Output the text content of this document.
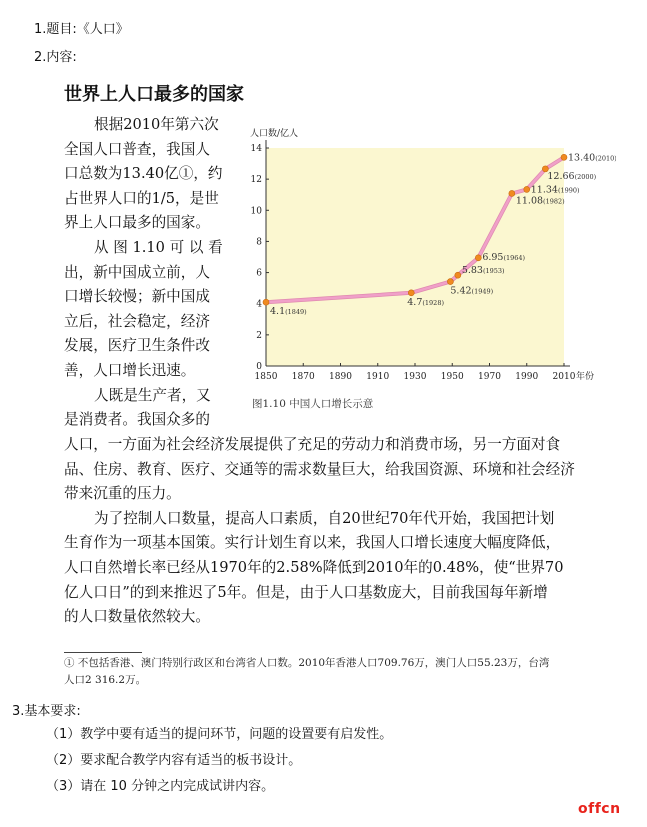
1.题目:《人口》
2.内容:
世界上人口最多的国家
根据2010年第六次
全国人口普查，我国人
口总数为13.40亿①，约
占世界人口的1/5，是世
界上人口最多的国家。
从 图 1.10 可 以 看
出，新中国成立前，人
口增长较慢；新中国成
立后，社会稳定，经济
发展，医疗卫生条件改
善，人口增长迅速。
人既是生产者，又
是消费者。我国众多的
人口数/亿人
0
2
4
6
8
10
12
14
1850 1870 1890 1910 1930 1950 1970 1990 2010 年份
4.1(1849)
4.7(1928)
5.42(1949)
5.83(1953)
6.95(1964)
11.08(1982)
11.34(1990)
12.66(2000)
13.40(2010)
图1.10 中国人口增长示意
人口，一方面为社会经济发展提供了充足的劳动力和消费市场，另一方面对食
品、住房、教育、医疗、交通等的需求数量巨大，给我国资源、环境和社会经济
带来沉重的压力。
为了控制人口数量，提高人口素质，自20世纪70年代开始，我国把计划
生育作为一项基本国策。实行计划生育以来，我国人口增长速度大幅度降低，
人口自然增长率已经从1970年的2.58%降低到2010年的0.48%，使“世界70
亿人口日”的到来推迟了5年。但是，由于人口基数庞大，目前我国每年新增
的人口数量依然较大。
① 不包括香港、澳门特别行政区和台湾省人口数。2010年香港人口709.76万，澳门人口55.23万，台湾
人口2 316.2万。
3.基本要求:
（1）教学中要有适当的提问环节，问题的设置要有启发性。
（2）要求配合教学内容有适当的板书设计。
（3）请在 10 分钟之内完成试讲内容。
offcn
